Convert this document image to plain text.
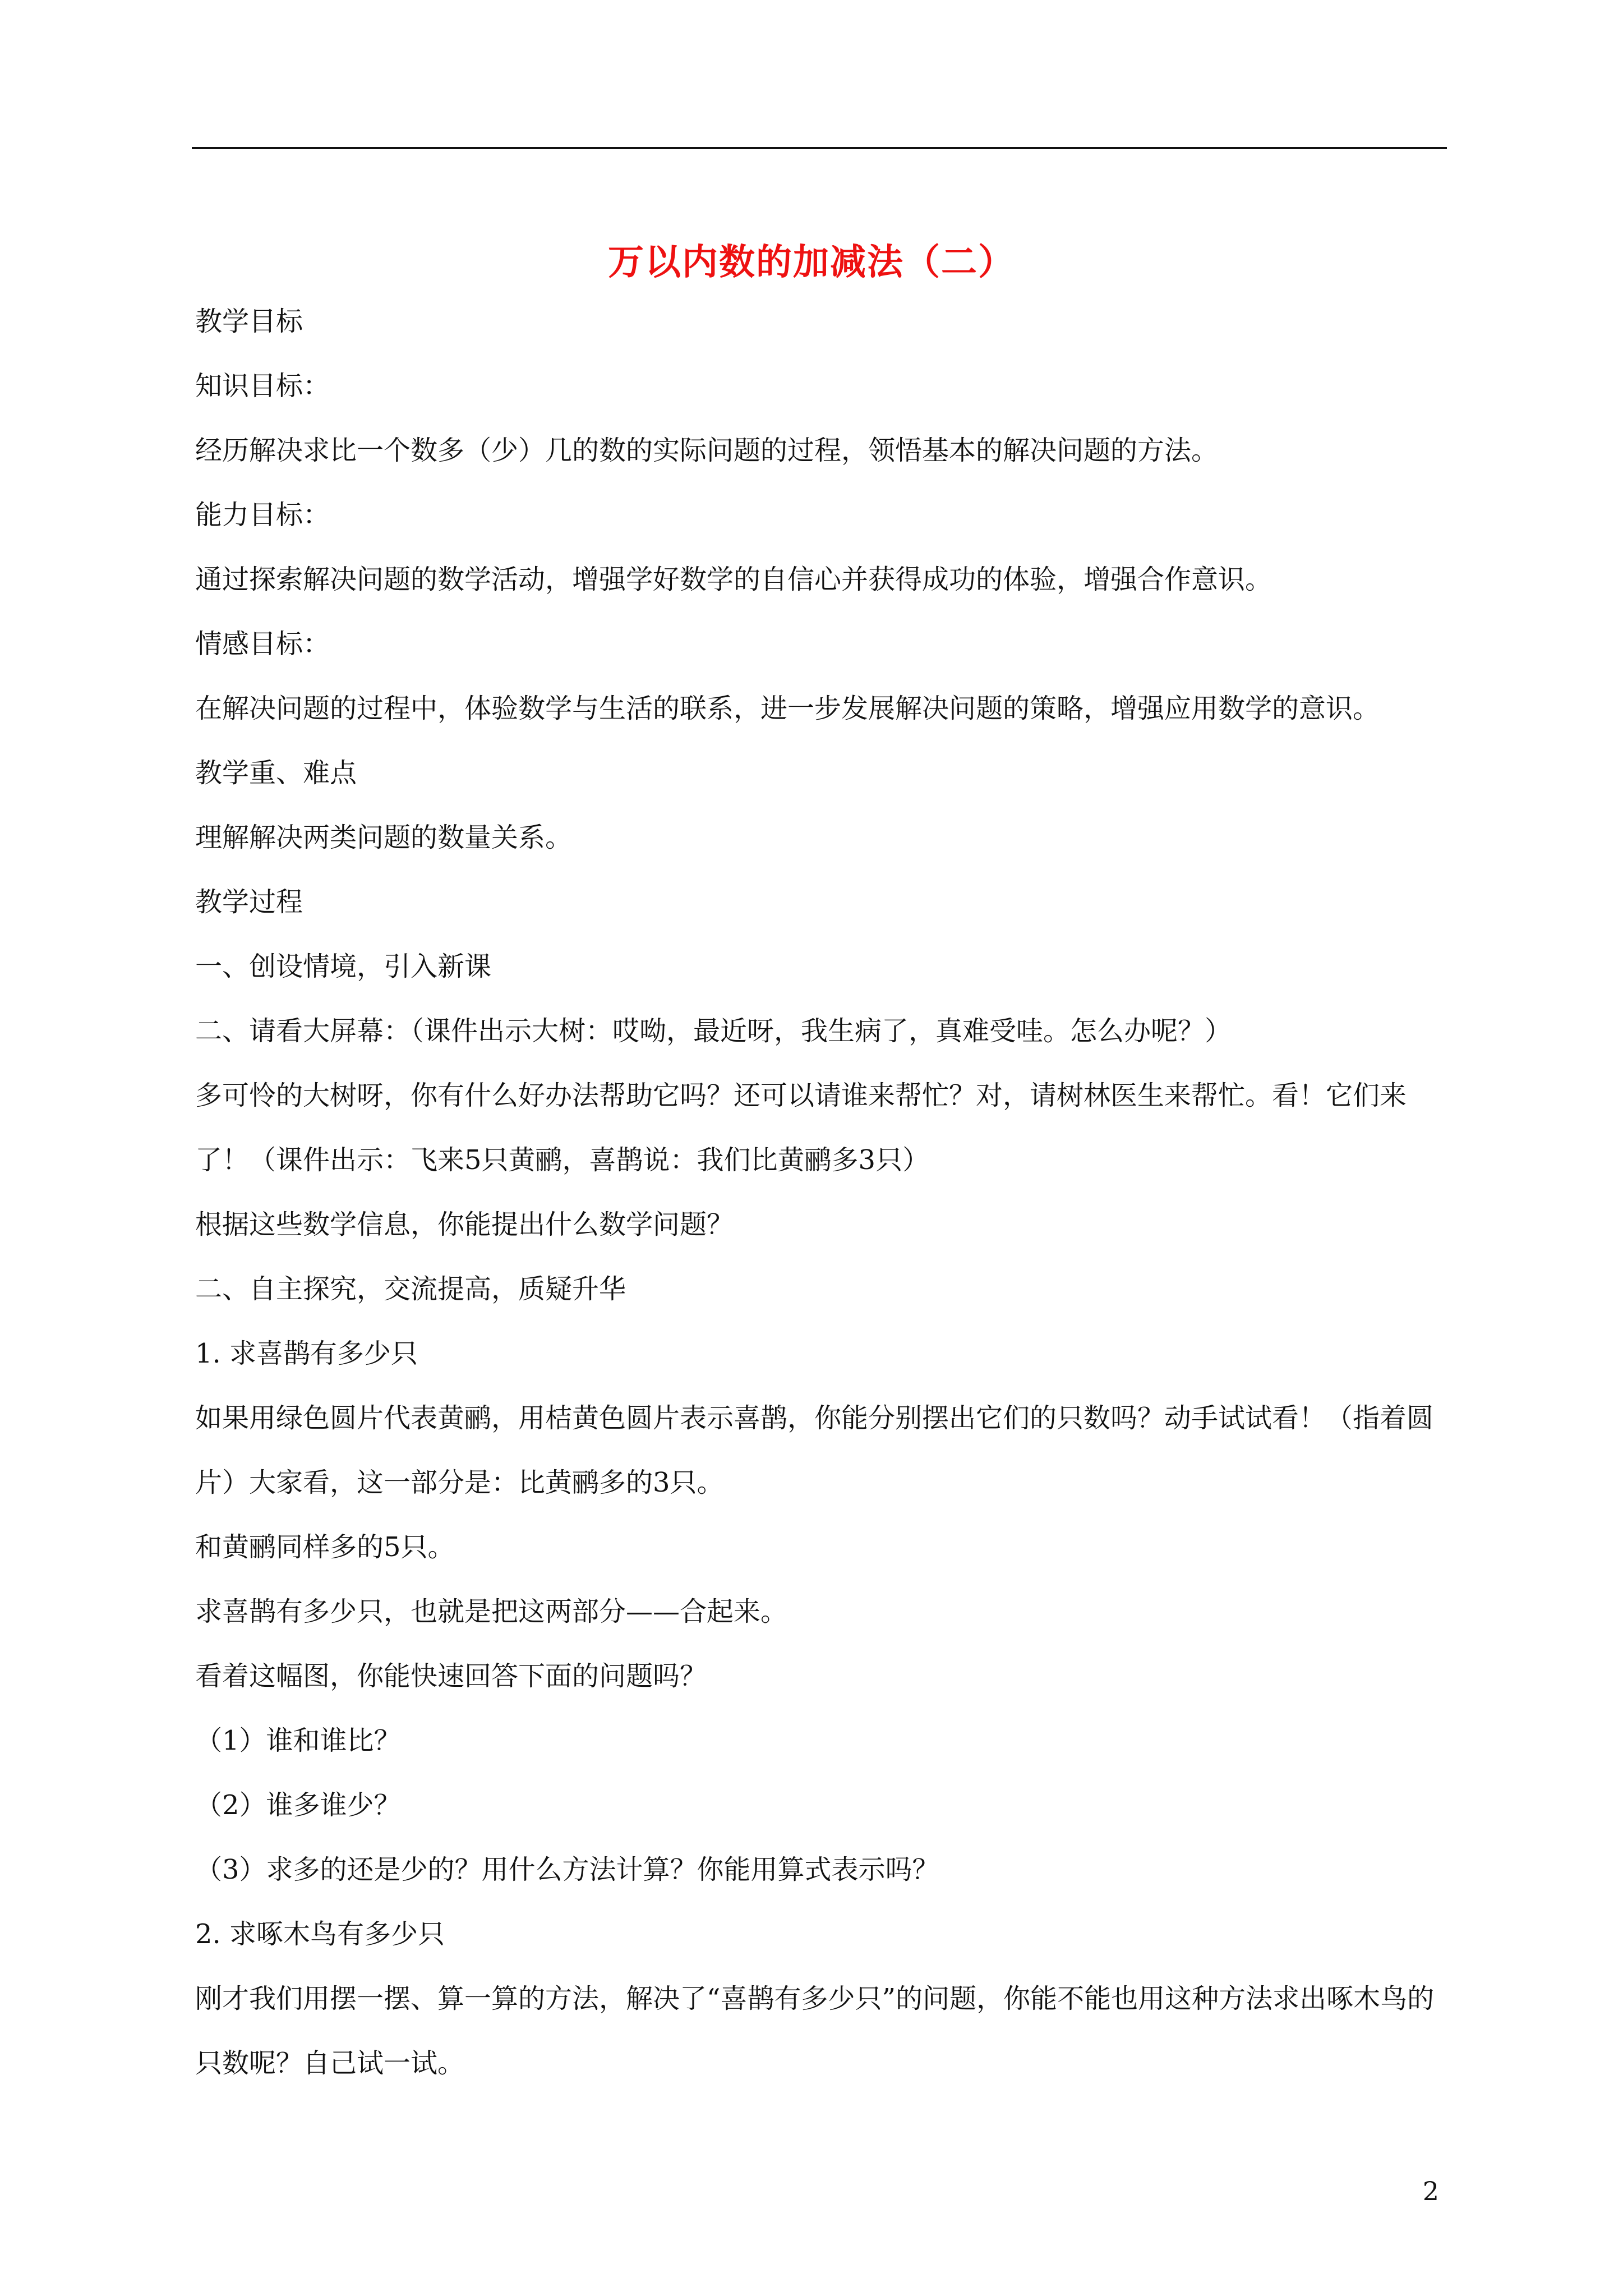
万以内数的加减法（二）

教学目标

知识目标：

经历解决求比一个数多（少）几的数的实际问题的过程，领悟基本的解决问题的方法。

能力目标：

通过探索解决问题的数学活动，增强学好数学的自信心并获得成功的体验，增强合作意识。

情感目标：

在解决问题的过程中，体验数学与生活的联系，进一步发展解决问题的策略，增强应用数学的意识。

教学重、难点

理解解决两类问题的数量关系。

教学过程

一、创设情境，引入新课

二、请看大屏幕：（课件出示大树：哎呦，最近呀，我生病了，真难受哇。怎么办呢？）

多可怜的大树呀，你有什么好办法帮助它吗？还可以请谁来帮忙？对，请树林医生来帮忙。看！它们来了！（课件出示：飞来5只黄鹂，喜鹊说：我们比黄鹂多3只）

根据这些数学信息，你能提出什么数学问题？

二、自主探究，交流提高，质疑升华

1. 求喜鹊有多少只

如果用绿色圆片代表黄鹂，用桔黄色圆片表示喜鹊，你能分别摆出它们的只数吗？动手试试看！（指着圆片）大家看，这一部分是：比黄鹂多的3只。

和黄鹂同样多的5只。

求喜鹊有多少只，也就是把这两部分——合起来。

看着这幅图，你能快速回答下面的问题吗？

（1）谁和谁比？

（2）谁多谁少？

（3）求多的还是少的？用什么方法计算？你能用算式表示吗？

2. 求啄木鸟有多少只

刚才我们用摆一摆、算一算的方法，解决了“喜鹊有多少只”的问题，你能不能也用这种方法求出啄木鸟的只数呢？自己试一试。

2
